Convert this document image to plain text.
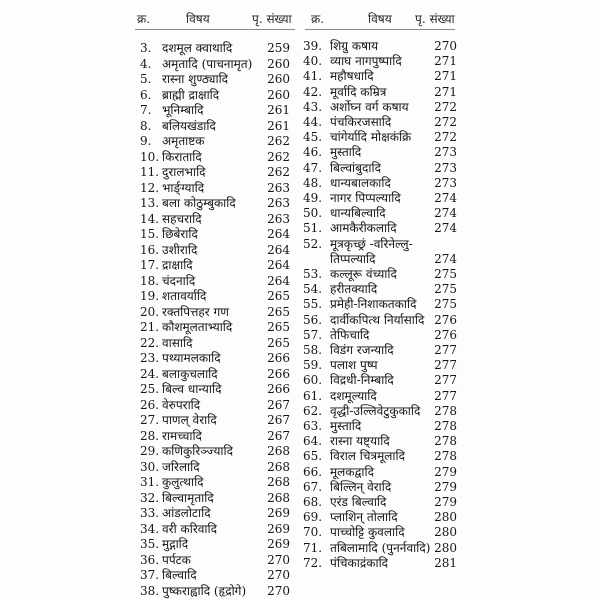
क्र.	विषय	पृ. संख्या क्र.	विषय पृ. संख्या
3. दशमूल क्वाथादि	259
4. अमृतादि (पाचनामृत)	260
5. रास्ना शुण्ठ्यादि	260
6. ब्राह्मी द्राक्षादि	260
7. भूनिम्बादि	261
8. बलियखंडादि	261
9. अमृताष्टक	262
10. किरातादि	262
11. दुरालभादि	262
12. भार्ङ्ग्यादि	263
13. बला कोठुम्बुकादि	263
14. सहचरादि	263
15. छिबेरादि	264
16. उशीरादि	264
17. द्राक्षादि	264
18. चंदनादि	264
19. शतावर्यादि	265
20. रक्तपित्तहर गण	265
21. कौशमूलताभ्यादि	265
22. वासादि	265
23. पथ्यामलकादि	266
24. बलाकुचलादि	266
25. बिल्व धान्यादि	266
26. वेरुपरादि	267
27. पाणल् वेरादि	267
28. रामच्चादि	267
29. कणिकुरिञ्ज्यादि	268
30. जरिलादि	268
31. कुलुत्थादि	268
32. बिल्वामृतादि	268
33. आंडलोटादि	269
34. वरी करिवादि	269
35. मुद्गादि	269
36. पर्पटक	270
37. बिल्वादि	270
38. पुष्कराह्वादि (हृद्रोगे)	270
39. शिग्रु कषाय	270
40. व्याघ नागपुष्पादि	271
41. महौषधादि	271
42. मूर्वादि कम्रित्र	271
43. अर्शोघ्न वर्ग कषाय	272
44. पंचकिरजसादि	272
45. चांगेर्यादि मोक्षकंक्रि	272
46. मुस्तादि	273
47. बिल्वांबुदादि	273
48. धान्यबालकादि	273
49. नागर पिप्पल्यादि	274
50. धान्यबिल्वादि	274
51. आमकैरीकलादि	274
52. मूत्रकृच्छ्रं -वरिनेल्लु-
तिप्पल्यादि	274
53. कल्लूरू वंच्यादि	275
54. हरीतक्यादि	275
55. प्रमेही-निशाकतकादि	275
56. दार्वीकपित्थ निर्यासादि 276
57. तेफिचादि	276
58. विडंग रजन्यादि	277
59. पलाश पुष्प	277
60. विद्रधी-निम्बादि	277
61. दशमूल्यादि	277
62. वृद्धी-उल्लिवेटुकुकादि	278
63. मुस्तादि	278
64. रास्ना यष्ट्यादि	278
65. विराल चित्रमूलादि	278
66. मूलकद्वादि	279
67. बिल्लिन् वेरादि	279
68. एरंड बिल्वादि	279
69. प्लाशिन् तोलादि	280
70. पाच्चोट्टि कुवलादि	280
71. तबिलामादि (पुनर्नवादि) 280
72. पंचिकाद्रंकादि	281
